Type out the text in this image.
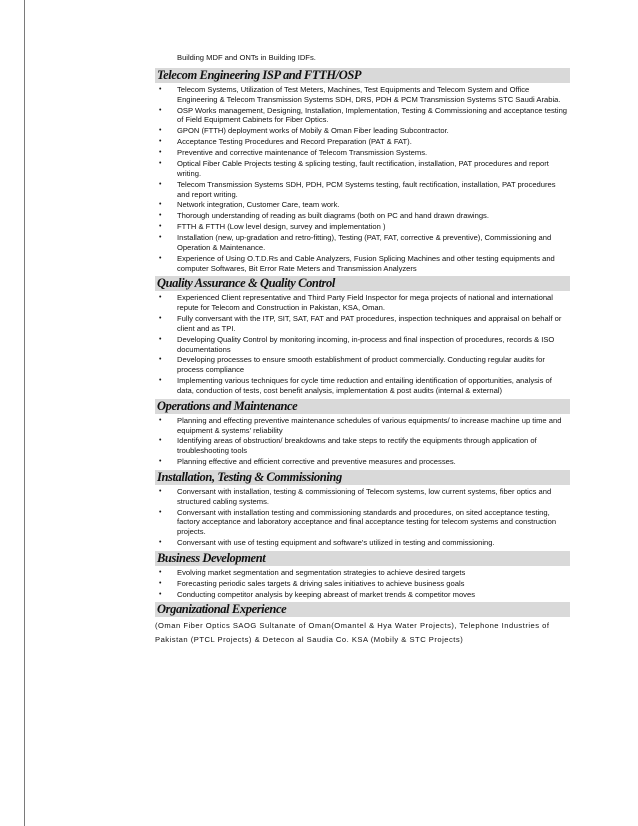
Building MDF and ONTs in Building IDFs.
Telecom Engineering ISP and FTTH/OSP
• Telecom Systems, Utilization of Test Meters, Machines, Test Equipments and Telecom System and Office Engineering & Telecom Transmission Systems SDH, DRS, PDH & PCM Transmission Systems STC Saudi Arabia.
• OSP Works management, Designing, Installation, Implementation, Testing & Commissioning and acceptance testing of Field Equipment Cabinets for Fiber Optics.
• GPON (FTTH) deployment works of Mobily & Oman Fiber leading Subcontractor.
• Acceptance Testing Procedures and Record Preparation (PAT & FAT).
• Preventive and corrective maintenance of Telecom Transmission Systems.
• Optical Fiber Cable Projects testing & splicing testing, fault rectification, installation, PAT procedures and report writing.
• Telecom Transmission Systems SDH, PDH, PCM Systems testing, fault rectification, installation, PAT procedures and report writing.
• Network integration, Customer Care, team work.
• Thorough understanding of reading as built diagrams (both on PC and hand drawn drawings.
• FTTH & FTTH (Low level design, survey and implementation )
• Installation (new, up-gradation and retro-fitting), Testing (PAT, FAT, corrective & preventive), Commissioning and Operation & Maintenance.
• Experience of Using O.T.D.Rs and Cable Analyzers, Fusion Splicing Machines and other testing equipments and computer Softwares, Bit Error Rate Meters and Transmission Analyzers
Quality Assurance & Quality Control
• Experienced Client representative and Third Party Field Inspector for mega projects of national and international repute for Telecom and Construction in Pakistan, KSA, Oman.
• Fully conversant with the ITP, SIT, SAT, FAT and PAT procedures, inspection techniques and appraisal on behalf or client and as TPI.
• Developing Quality Control by monitoring incoming, in-process and final inspection of procedures, records & ISO documentations
• Developing processes to ensure smooth establishment of product commercially. Conducting regular audits for process compliance
• Implementing various techniques for cycle time reduction and entailing identification of opportunities, analysis of data, conduction of tests, cost benefit analysis, implementation & post audits (internal & external)
Operations and Maintenance
• Planning and effecting preventive maintenance schedules of various equipments/ to increase machine up time and equipment & systems' reliability
• Identifying areas of obstruction/ breakdowns and take steps to rectify the equipments through application of troubleshooting tools
• Planning effective and efficient corrective and preventive measures and processes.
Installation, Testing & Commissioning
• Conversant with installation, testing & commissioning of Telecom systems, low current systems, fiber optics and structured cabling systems.
• Conversant with installation testing and commissioning standards and procedures, on sited acceptance testing, factory acceptance and laboratory acceptance and final acceptance testing for telecom systems and construction projects.
• Conversant with use of testing equipment and software's utilized in testing and commissioning.
Business Development
• Evolving market segmentation and segmentation strategies to achieve desired targets
• Forecasting periodic sales targets & driving sales initiatives to achieve business goals
• Conducting competitor analysis by keeping abreast of market trends & competitor moves
Organizational Experience
(Oman Fiber Optics SAOG Sultanate of Oman(Omantel & Hya Water Projects), Telephone Industries of Pakistan (PTCL Projects) & Detecon al Saudia Co. KSA (Mobily & STC Projects)
